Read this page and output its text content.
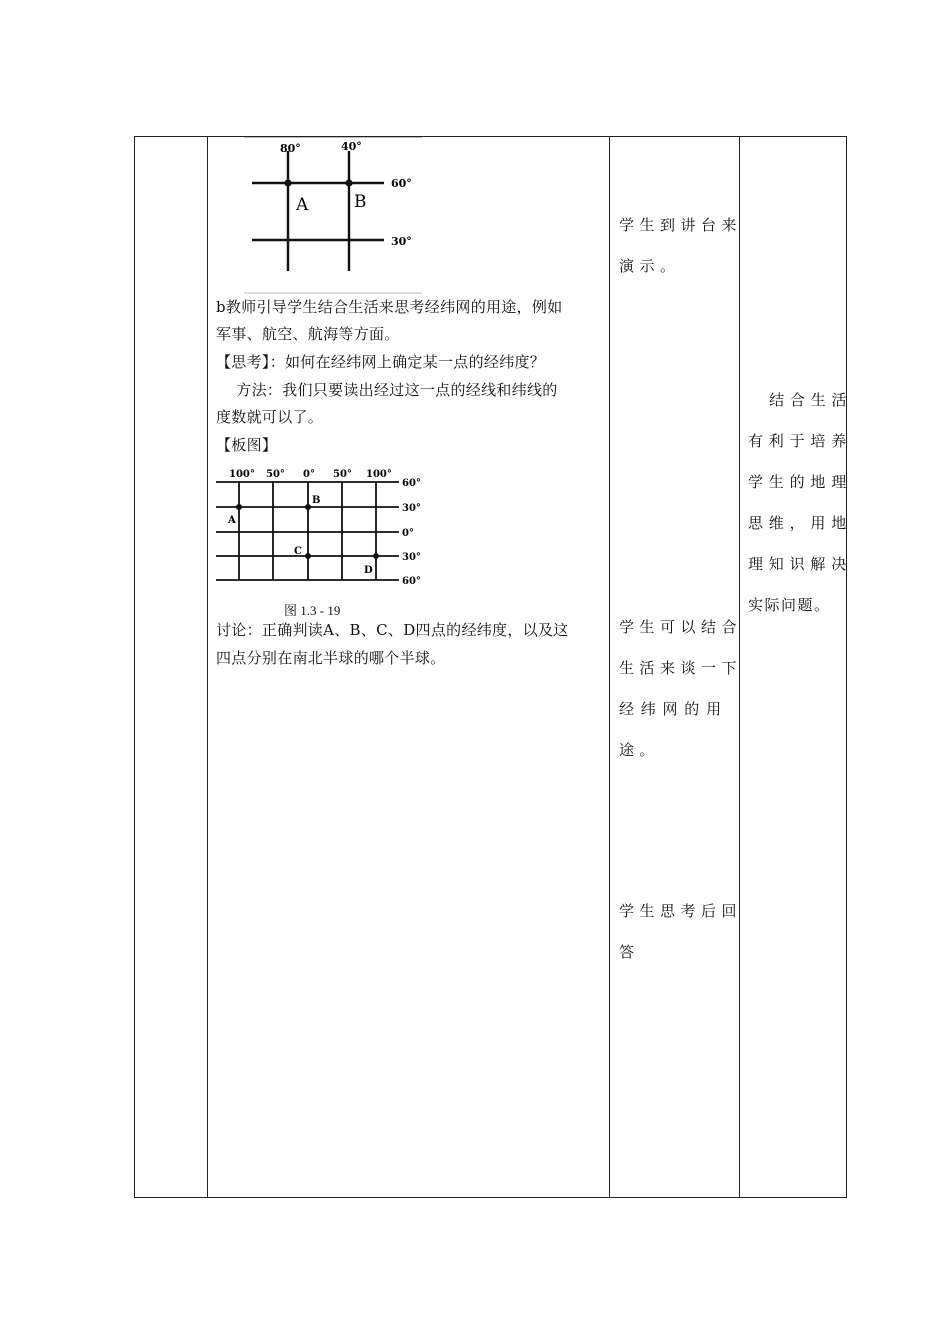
80°	40°
60°
30°
A	B
b教师引导学生结合生活来思考经纬网的用途，例如
军事、航空、航海等方面。
【思考】：如何在经纬网上确定某一点的经纬度？
方法：我们只要读出经过这一点的经线和纬线的
度数就可以了。
【板图】
100° 50° 0° 50° 100°
60°
30°
0°
30°
60°
A
B
C
D
图 1.3 - 19
讨论：正确判读A、B、C、D四点的经纬度，以及这
四点分别在南北半球的哪个半球。
学生到讲台来
演示。
学生可以结合
生活来谈一下
经 纬 网 的 用
途。
学生思考后回
答
结合生活
有利于培养
学生的地理
思维，用地
理知识解决
实际问题。
